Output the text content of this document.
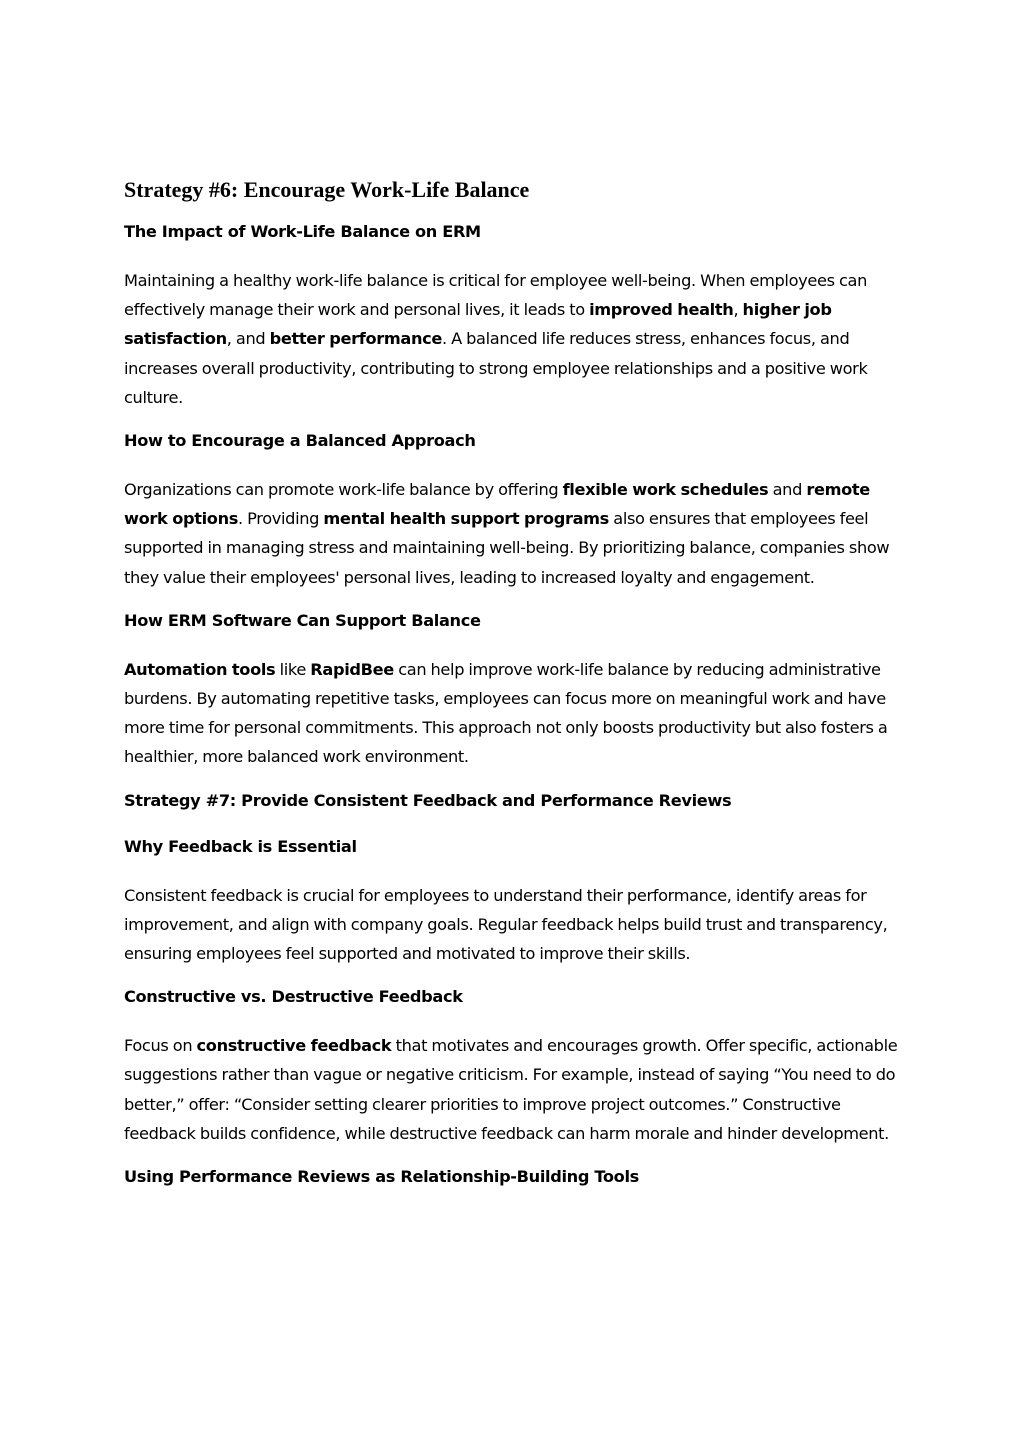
Strategy #6: Encourage Work-Life Balance
The Impact of Work-Life Balance on ERM

Maintaining a healthy work-life balance is critical for employee well-being. When employees can effectively manage their work and personal lives, it leads to improved health, higher job satisfaction, and better performance. A balanced life reduces stress, enhances focus, and increases overall productivity, contributing to strong employee relationships and a positive work culture.

How to Encourage a Balanced Approach

Organizations can promote work-life balance by offering flexible work schedules and remote work options. Providing mental health support programs also ensures that employees feel supported in managing stress and maintaining well-being. By prioritizing balance, companies show they value their employees' personal lives, leading to increased loyalty and engagement.

How ERM Software Can Support Balance

Automation tools like RapidBee can help improve work-life balance by reducing administrative burdens. By automating repetitive tasks, employees can focus more on meaningful work and have more time for personal commitments. This approach not only boosts productivity but also fosters a healthier, more balanced work environment.

Strategy #7: Provide Consistent Feedback and Performance Reviews
Why Feedback is Essential

Consistent feedback is crucial for employees to understand their performance, identify areas for improvement, and align with company goals. Regular feedback helps build trust and transparency, ensuring employees feel supported and motivated to improve their skills.

Constructive vs. Destructive Feedback

Focus on constructive feedback that motivates and encourages growth. Offer specific, actionable suggestions rather than vague or negative criticism. For example, instead of saying “You need to do better,” offer: “Consider setting clearer priorities to improve project outcomes.” Constructive feedback builds confidence, while destructive feedback can harm morale and hinder development.

Using Performance Reviews as Relationship-Building Tools
